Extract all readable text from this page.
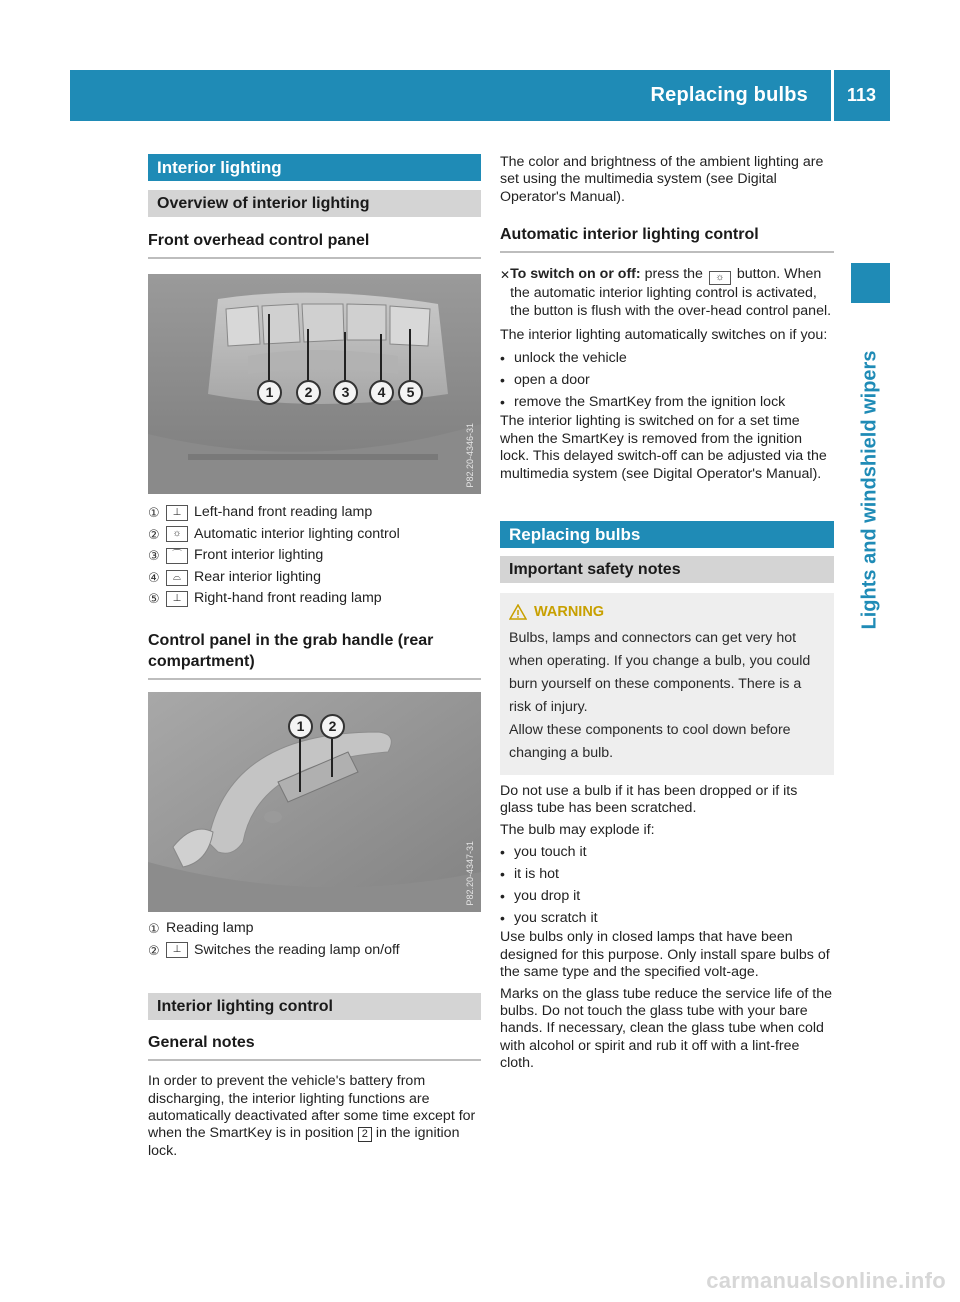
Replacing bulbs 113
Lights and windshield wipers
Interior lighting
Overview of interior lighting
Front overhead control panel
1	2	3	4	5
P82.20-4346-31
①	⊥ Left-hand front reading lamp
②	☼ Automatic interior lighting control
③	⌒ Front interior lighting
④	⌓ Rear interior lighting
⑤	⊥ Right-hand front reading lamp
Control panel in the grab handle (rear
compartment)
1	2
P82.20-4347-31
① Reading lamp
②	⊥ Switches the reading lamp on/off
Interior lighting control
General notes

In order to prevent the vehicle's battery from discharging, the interior lighting functions are automatically deactivated after some time except for when the SmartKey is in position 2 in the ignition lock.

The color and brightness of the ambient lighting are set using the multimedia system (see Digital Operator's Manual).

Automatic interior lighting control
✕ To switch on or off: press the ☼ button. When the automatic interior lighting control is activated, the button is flush with the over-head control panel.

The interior lighting automatically switches on if you:

• unlock the vehicle
• open a door
• remove the SmartKey from the ignition lock

The interior lighting is switched on for a set time when the SmartKey is removed from the ignition lock. This delayed switch-off can be adjusted via the multimedia system (see Digital Operator's Manual).

Replacing bulbs
Important safety notes
WARNING

Bulbs, lamps and connectors can get very hot when operating. If you change a bulb, you could burn yourself on these components. There is a risk of injury.

Allow these components to cool down before changing a bulb.

Do not use a bulb if it has been dropped or if its glass tube has been scratched.

The bulb may explode if:

• you touch it
• it is hot
• you drop it
• you scratch it

Use bulbs only in closed lamps that have been designed for this purpose. Only install spare bulbs of the same type and the specified volt-age.

Marks on the glass tube reduce the service life of the bulbs. Do not touch the glass tube with your bare hands. If necessary, clean the glass tube when cold with alcohol or spirit and rub it off with a lint-free cloth.

carmanualsonline.info
